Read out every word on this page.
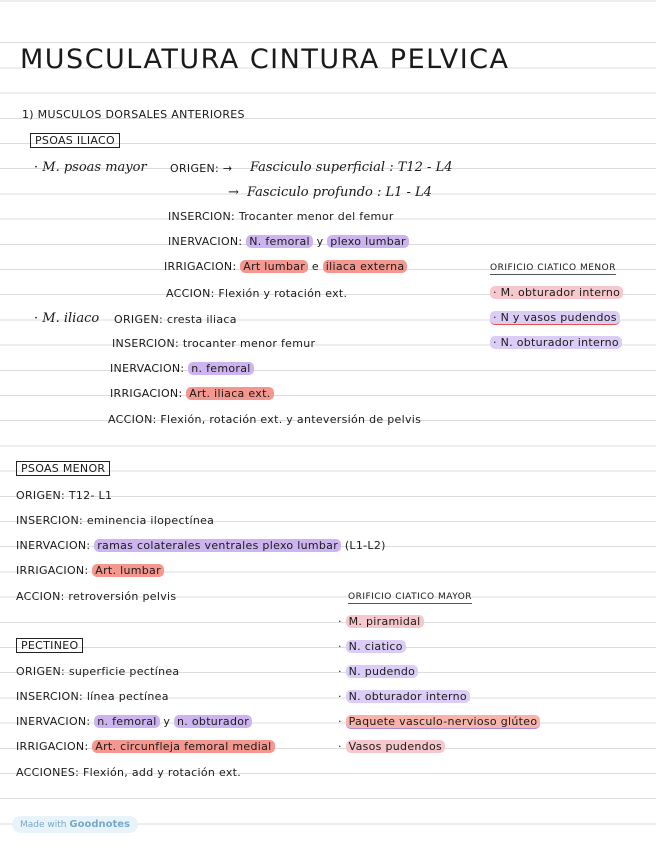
MUSCULATURA CINTURA PELVICA
1) MUSCULOS DORSALES ANTERIORES
PSOAS ILIACO
· M. psoas mayor ORIGEN: → Fasciculo superficial : T12 - L4
→ Fasciculo profundo : L1 - L4
INSERCION: Trocanter menor del femur
INERVACION: N. femoral y plexo lumbar
IRRIGACION: Art lumbar e iliaca externa
ACCION: Flexión y rotación ext.
· M. iliaco ORIGEN: cresta iliaca
INSERCION: trocanter menor femur
INERVACION: n. femoral
IRRIGACION: Art. iliaca ext.
ACCION: Flexión, rotación ext. y anteversión de pelvis
ORIFICIO CIATICO MENOR
· M. obturador interno
· N y vasos pudendos
· N. obturador interno
PSOAS MENOR
ORIGEN: T12- L1
INSERCION: eminencia ilopectínea
INERVACION: ramas colaterales ventrales plexo lumbar (L1-L2)
IRRIGACION: Art. lumbar
ACCION: retroversión pelvis
PECTINEO
ORIGEN: superficie pectínea
INSERCION: línea pectínea
INERVACION: n. femoral y n. obturador
IRRIGACION: Art. circunfleja femoral medial
ACCIONES: Flexión, add y rotación ext.
ORIFICIO CIATICO MAYOR
· M. piramidal
· N. ciatico
· N. pudendo
· N. obturador interno
· Paquete vasculo-nervioso glúteo
· Vasos pudendos
Made with Goodnotes
